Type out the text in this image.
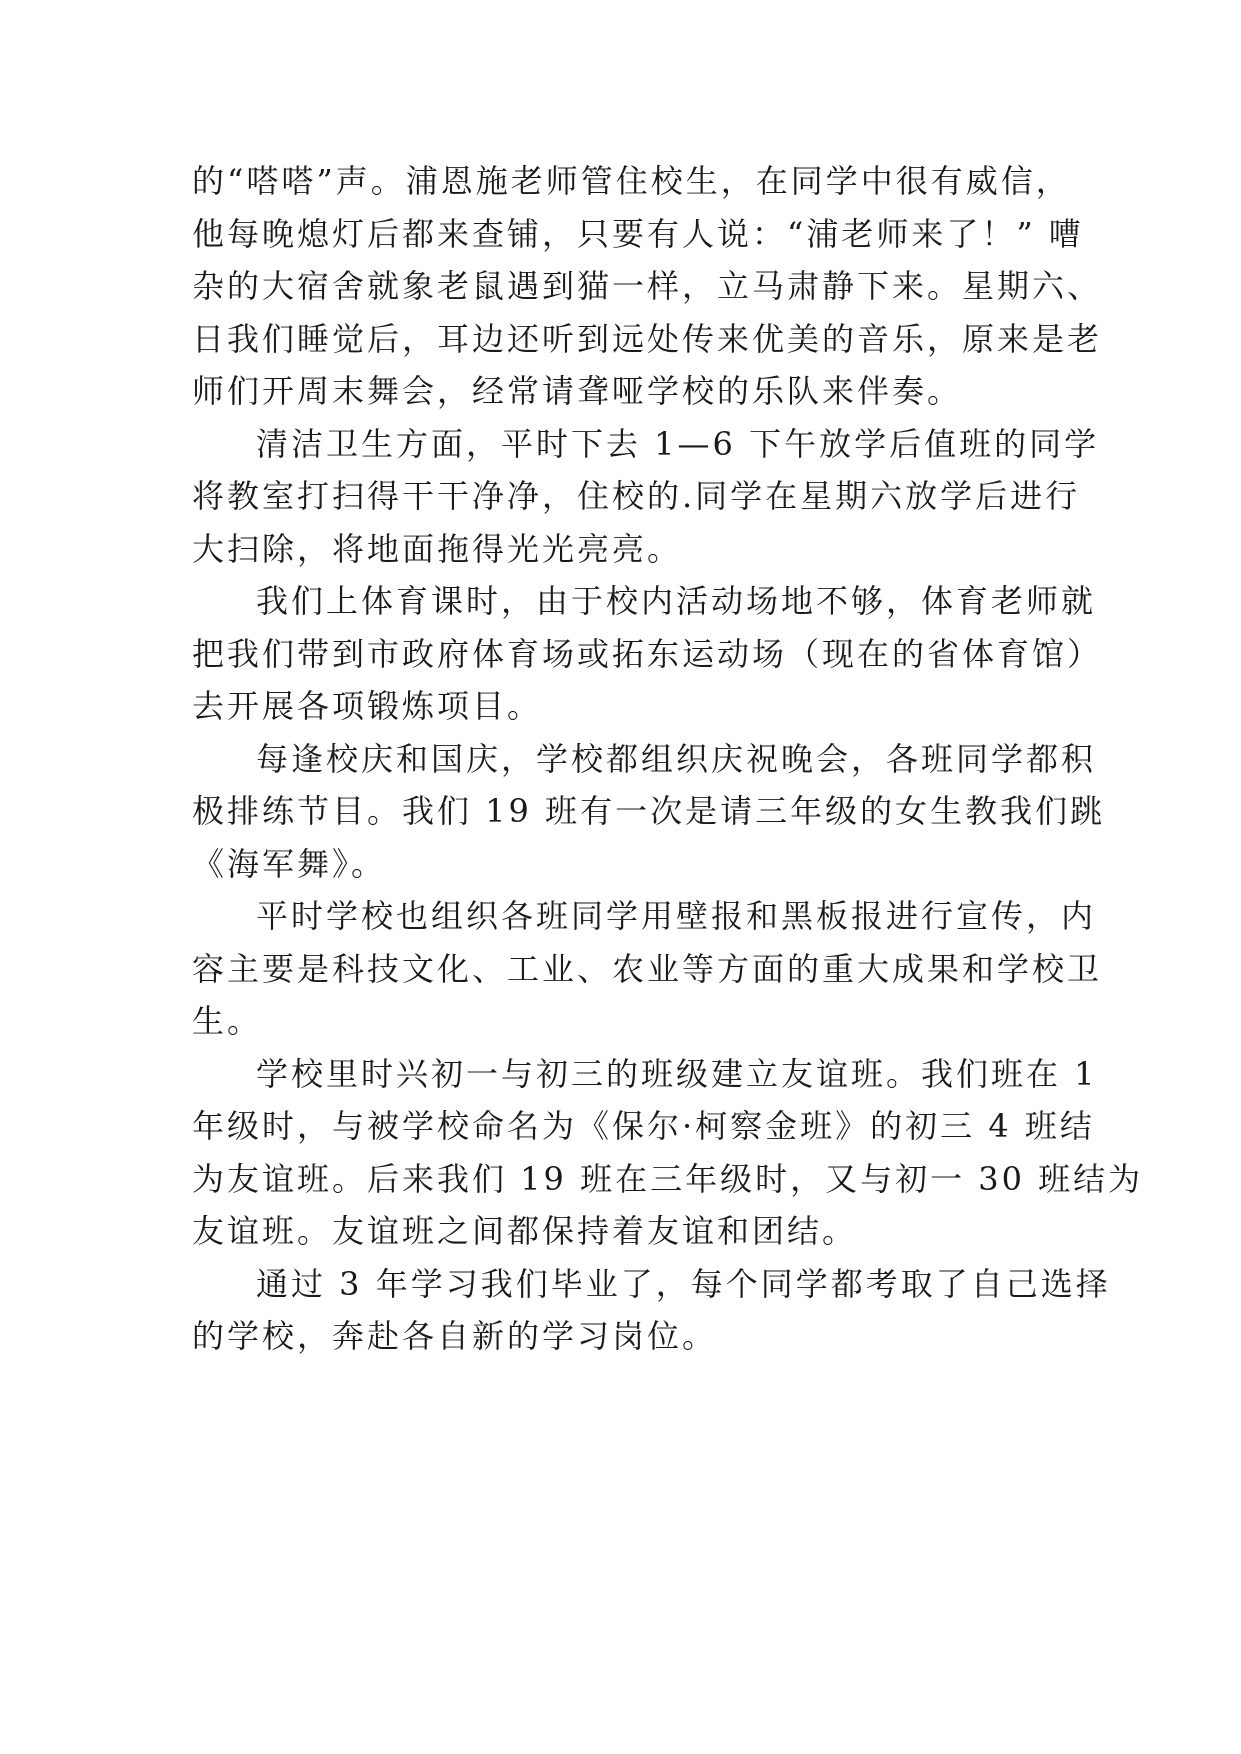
的“嗒嗒”声。浦恩施老师管住校生，在同学中很有威信，
他每晚熄灯后都来查铺，只要有人说：“浦老师来了！” 嘈
杂的大宿舍就象老鼠遇到猫一样，立马肃静下来。星期六、
日我们睡觉后，耳边还听到远处传来优美的音乐，原来是老
师们开周末舞会，经常请聋哑学校的乐队来伴奏。
清洁卫生方面，平时下去 1—6 下午放学后值班的同学
将教室打扫得干干净净，住校的.同学在星期六放学后进行
大扫除，将地面拖得光光亮亮。
我们上体育课时，由于校内活动场地不够，体育老师就
把我们带到市政府体育场或拓东运动场（现在的省体育馆）
去开展各项锻炼项目。
每逢校庆和国庆，学校都组织庆祝晚会，各班同学都积
极排练节目。我们 19 班有一次是请三年级的女生教我们跳
《海军舞》。
平时学校也组织各班同学用壁报和黑板报进行宣传，内
容主要是科技文化、工业、农业等方面的重大成果和学校卫
生。
学校里时兴初一与初三的班级建立友谊班。我们班在 1
年级时，与被学校命名为《保尔·柯察金班》的初三 4 班结
为友谊班。后来我们 19 班在三年级时，又与初一 30 班结为
友谊班。友谊班之间都保持着友谊和团结。
通过 3 年学习我们毕业了，每个同学都考取了自己选择
的学校，奔赴各自新的学习岗位。
